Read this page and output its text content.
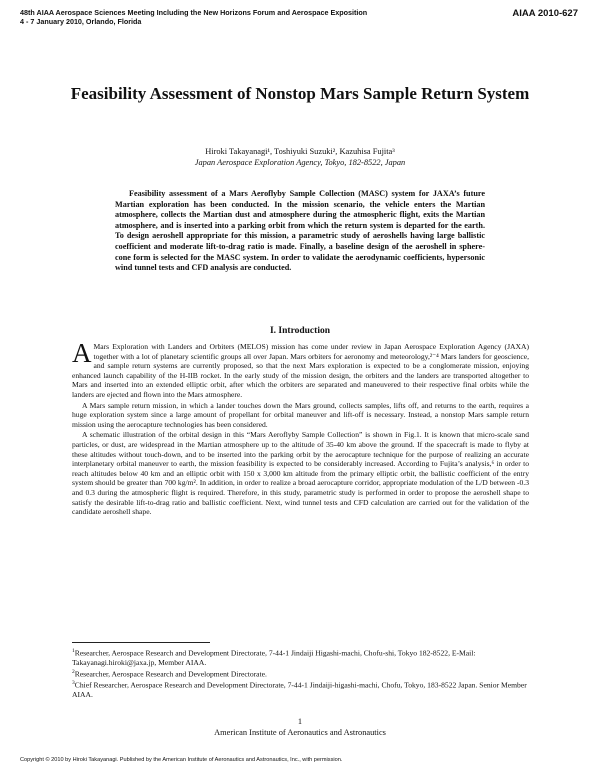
48th AIAA Aerospace Sciences Meeting Including the New Horizons Forum and Aerospace Exposition
4 - 7 January 2010, Orlando, Florida
AIAA 2010-627
Feasibility Assessment of Nonstop Mars Sample Return System
Hiroki Takayanagi¹, Toshiyuki Suzuki², Kazuhisa Fujita³
Japan Aerospace Exploration Agency, Tokyo, 182-8522, Japan

Feasibility assessment of a Mars Aeroflyby Sample Collection (MASC) system for JAXA’s future Martian exploration has been conducted. In the mission scenario, the vehicle enters the Martian atmosphere, collects the Martian dust and atmosphere during the atmospheric flight, exits the Martian atmosphere, and is inserted into a parking orbit from which the return system is departed for the earth. To design aeroshell appropriate for this mission, a parametric study of aeroshells having large ballistic coefficient and moderate lift-to-drag ratio is made. Finally, a baseline design of the aeroshell in sphere-cone form is selected for the MASC system. In order to validate the aerodynamic coefficients, hypersonic wind tunnel tests and CFD analysis are conducted.

I. Introduction

A Mars Exploration with Landers and Orbiters (MELOS) mission has come under review in Japan Aerospace Exploration Agency (JAXA) together with a lot of planetary scientific groups all over Japan. Mars orbiters for aeronomy and meteorology,²⁻⁴ Mars landers for geoscience, and sample return systems are currently proposed, so that the next Mars exploration is expected to be a conglomerate mission, enjoying enhanced launch capability of the H-IIB rocket. In the early study of the mission design, the orbiters and the landers are transported altogether to Mars and inserted into an extended elliptic orbit, after which the orbiters are separated and maneuvered to their respective final orbits while the landers are ejected and flown into the Mars atmosphere.

A Mars sample return mission, in which a lander touches down the Mars ground, collects samples, lifts off, and returns to the earth, requires a huge exploration system since a large amount of propellant for orbital maneuver and lift-off is necessary. Instead, a nonstop Mars sample return mission using the aerocapture technologies has been considered.

A schematic illustration of the orbital design in this “Mars Aeroflyby Sample Collection” is shown in Fig.1. It is known that micro-scale sand particles, or dust, are widespread in the Martian atmosphere up to the altitude of 35-40 km above the ground. If the spacecraft is made to flyby at these altitudes without touch-down, and to be inserted into the parking orbit by the aerocapture technique for the purpose of realizing an accurate interplanetary orbital maneuver to earth, the mission feasibility is expected to be considerably increased. According to Fujita’s analysis,⁶ in order to reach altitudes below 40 km and an elliptic orbit with 150 x 3,000 km altitude from the primary elliptic orbit, the ballistic coefficient of the entry system should be greater than 700 kg/m². In addition, in order to realize a broad aerocapture corridor, appropriate modulation of the L/D between -0.3 and 0.3 during the atmospheric flight is required. Therefore, in this study, parametric study is performed in order to propose the aeroshell shape to satisfy the desirable lift-to-drag ratio and ballistic coefficient. Next, wind tunnel tests and CFD calculation are carried out for the validation of the candidate aeroshell shape.

$^1$Researcher, Aerospace Research and Development Directorate, 7-44-1 Jindaiji Higashi-machi, Chofu-shi, Tokyo 182-8522, E-Mail: Takayanagi.hiroki@jaxa.jp, Member AIAA.

$^2$Researcher, Aerospace Research and Development Directorate.

$^3$Chief Researcher, Aerospace Research and Development Directorate, 7-44-1 Jindaiji-higashi-machi, Chofu, Tokyo, 183-8522 Japan. Senior Member AIAA.

1
American Institute of Aeronautics and Astronautics
Copyright © 2010 by Hiroki Takayanagi. Published by the American Institute of Aeronautics and Astronautics, Inc., with permission.
